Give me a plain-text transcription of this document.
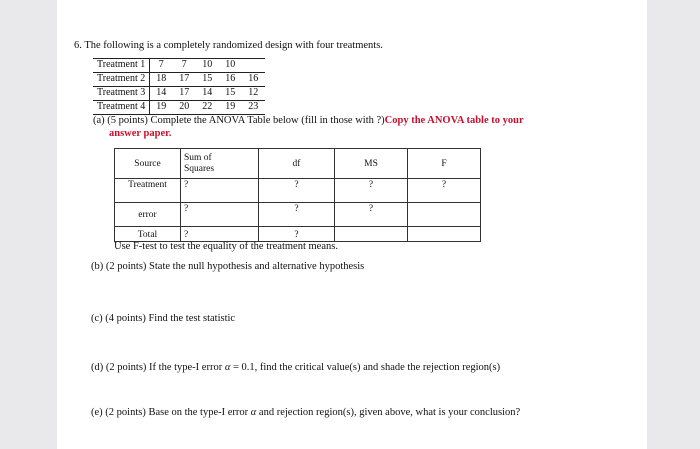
6. The following is a completely randomized design with four treatments.
Treatment 1	7	7	10	10	
Treatment 2	18	17	15	16	16
Treatment 3	14	17	14	15	12
Treatment 4	19	20	22	19	23
(a) (5 points) Complete the ANOVA Table below (fill in those with ?)Copy the ANOVA table to your
answer paper.
Source	Sum of
Squares	df	MS	F
Treatment	?	?	?	?
error	?	?	?	
Total	?	?		
Use F-test to test the equality of the treatment means.
(b) (2 points) State the null hypothesis and alternative hypothesis
(c) (4 points) Find the test statistic
(d) (2 points) If the type-I error α = 0.1, find the critical value(s) and shade the rejection region(s)
(e) (2 points) Base on the type-I error α and rejection region(s), given above, what is your conclusion?
